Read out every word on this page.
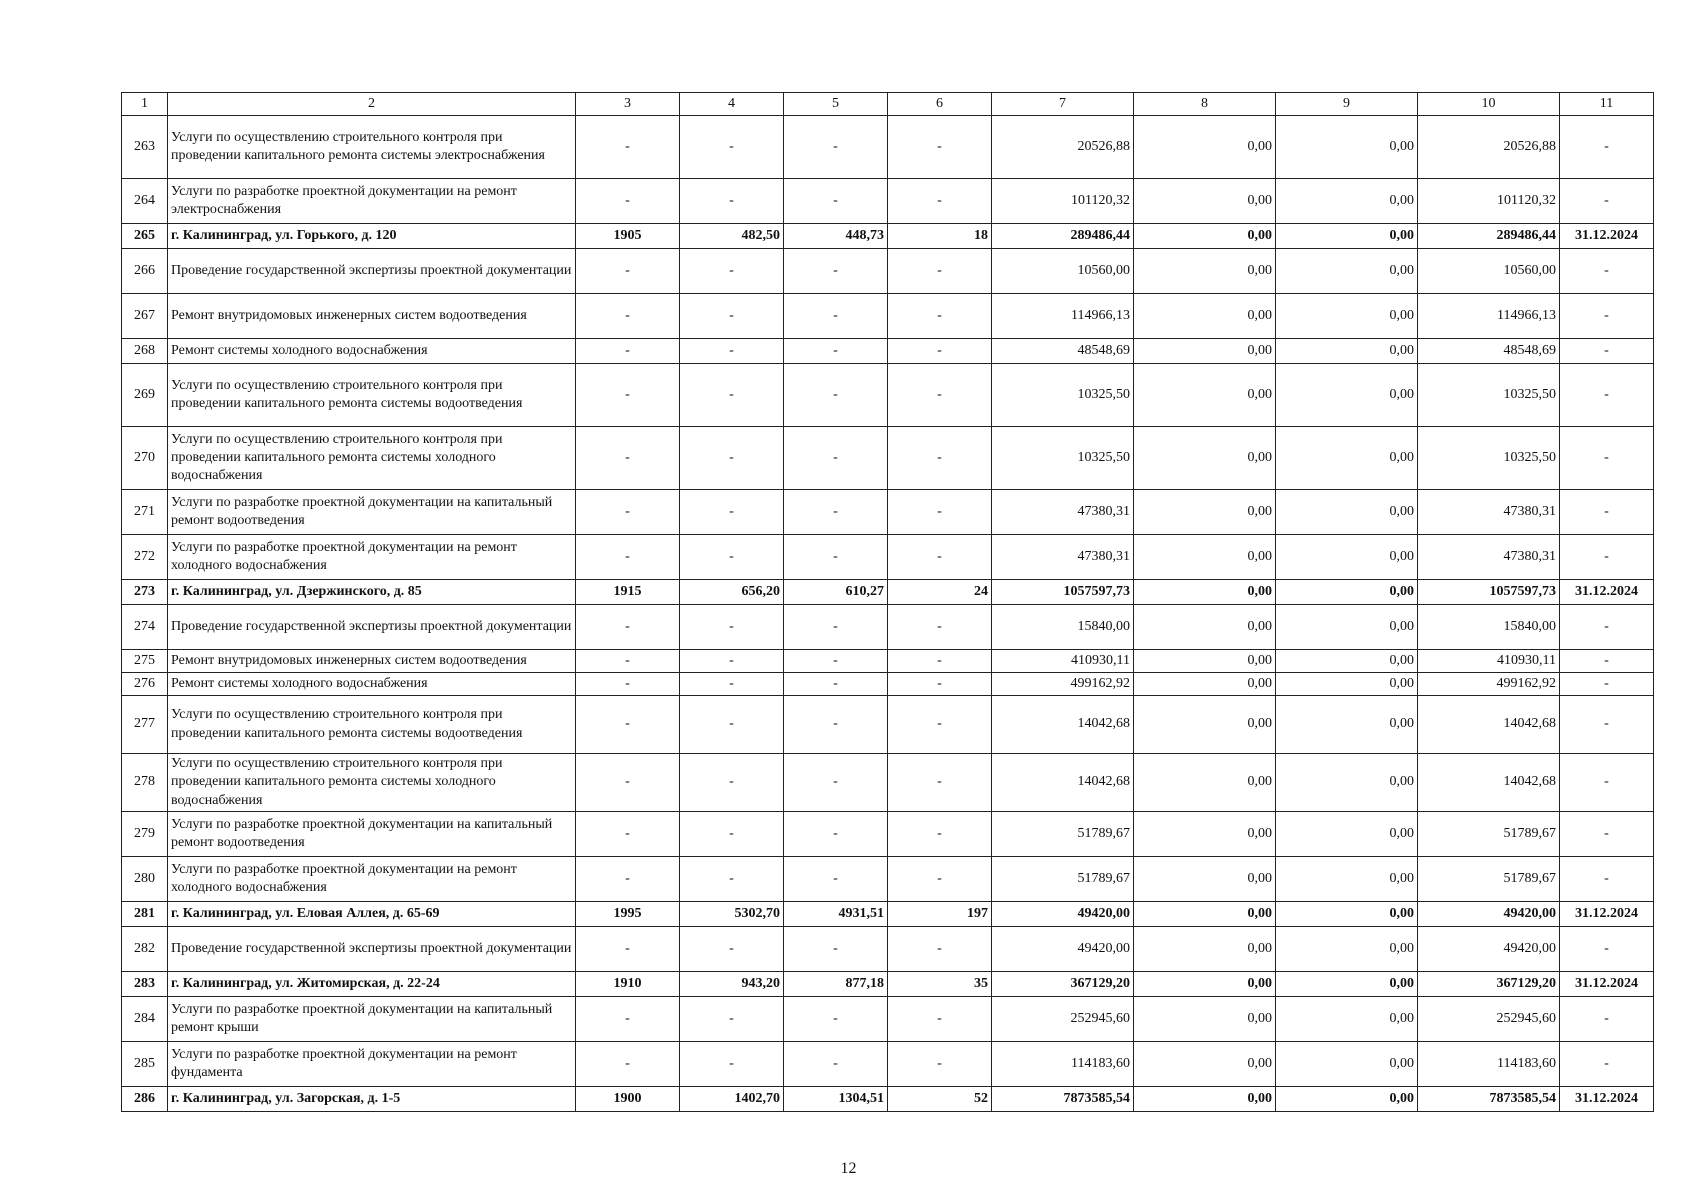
1	2	3	4	5	6	7	8	9	10	11
263	Услуги по осуществлению строительного контроля при проведении капитального ремонта системы электроснабжения	-	-	-	-	20526,88	0,00	0,00	20526,88	-
264	Услуги по разработке проектной документации на ремонт электроснабжения	-	-	-	-	101120,32	0,00	0,00	101120,32	-
265	г. Калининград, ул. Горького, д. 120	1905	482,50	448,73	18	289486,44	0,00	0,00	289486,44	31.12.2024
266	Проведение государственной экспертизы проектной документации	-	-	-	-	10560,00	0,00	0,00	10560,00	-
267	Ремонт внутридомовых инженерных систем водоотведения	-	-	-	-	114966,13	0,00	0,00	114966,13	-
268	Ремонт системы холодного водоснабжения	-	-	-	-	48548,69	0,00	0,00	48548,69	-
269	Услуги по осуществлению строительного контроля при проведении капитального ремонта системы водоотведения	-	-	-	-	10325,50	0,00	0,00	10325,50	-
270	Услуги по осуществлению строительного контроля при проведении капитального ремонта системы холодного водоснабжения	-	-	-	-	10325,50	0,00	0,00	10325,50	-
271	Услуги по разработке проектной документации на капитальный ремонт водоотведения	-	-	-	-	47380,31	0,00	0,00	47380,31	-
272	Услуги по разработке проектной документации на ремонт холодного водоснабжения	-	-	-	-	47380,31	0,00	0,00	47380,31	-
273	г. Калининград, ул. Дзержинского, д. 85	1915	656,20	610,27	24	1057597,73	0,00	0,00	1057597,73	31.12.2024
274	Проведение государственной экспертизы проектной документации	-	-	-	-	15840,00	0,00	0,00	15840,00	-
275	Ремонт внутридомовых инженерных систем водоотведения	-	-	-	-	410930,11	0,00	0,00	410930,11	-
276	Ремонт системы холодного водоснабжения	-	-	-	-	499162,92	0,00	0,00	499162,92	-
277	Услуги по осуществлению строительного контроля при проведении капитального ремонта системы водоотведения	-	-	-	-	14042,68	0,00	0,00	14042,68	-
278	Услуги по осуществлению строительного контроля при проведении капитального ремонта системы холодного водоснабжения	-	-	-	-	14042,68	0,00	0,00	14042,68	-
279	Услуги по разработке проектной документации на капитальный ремонт водоотведения	-	-	-	-	51789,67	0,00	0,00	51789,67	-
280	Услуги по разработке проектной документации на ремонт холодного водоснабжения	-	-	-	-	51789,67	0,00	0,00	51789,67	-
281	г. Калининград, ул. Еловая Аллея, д. 65-69	1995	5302,70	4931,51	197	49420,00	0,00	0,00	49420,00	31.12.2024
282	Проведение государственной экспертизы проектной документации	-	-	-	-	49420,00	0,00	0,00	49420,00	-
283	г. Калининград, ул. Житомирская, д. 22-24	1910	943,20	877,18	35	367129,20	0,00	0,00	367129,20	31.12.2024
284	Услуги по разработке проектной документации на капитальный ремонт крыши	-	-	-	-	252945,60	0,00	0,00	252945,60	-
285	Услуги по разработке проектной документации на ремонт фундамента	-	-	-	-	114183,60	0,00	0,00	114183,60	-
286	г. Калининград, ул. Загорская, д. 1-5	1900	1402,70	1304,51	52	7873585,54	0,00	0,00	7873585,54	31.12.2024
12
